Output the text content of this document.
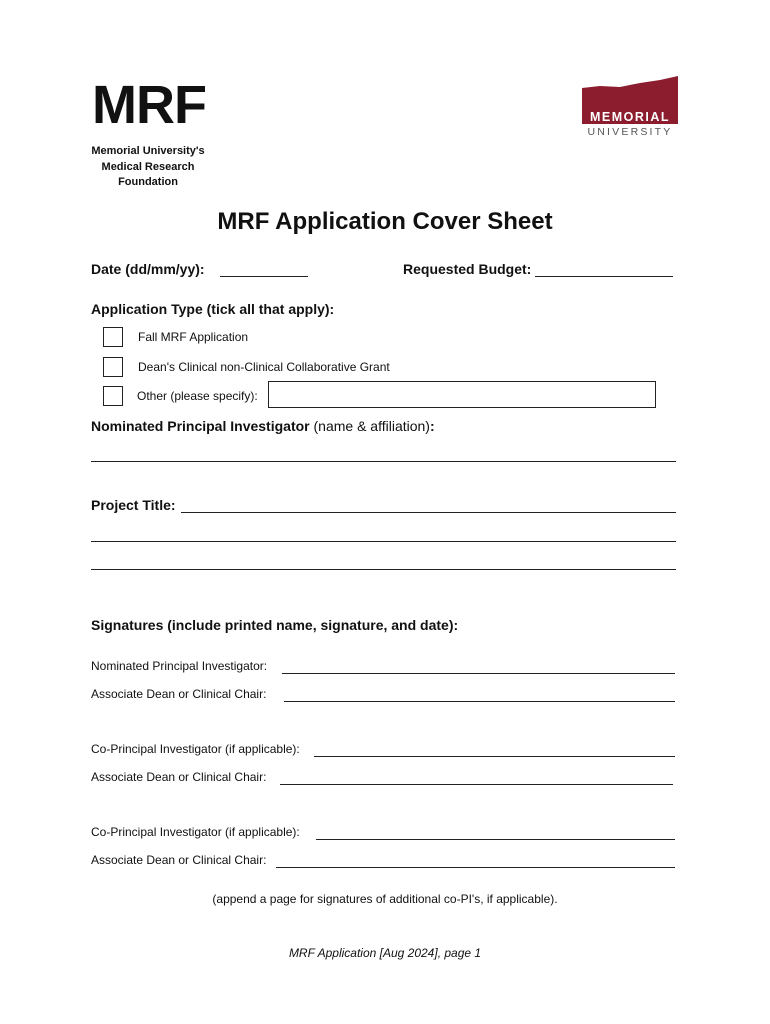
MRF
Memorial University's
Medical Research
Foundation
MEMORIAL
UNIVERSITY
MRF Application Cover Sheet
Date (dd/mm/yy):	Requested Budget:
Application Type (tick all that apply):
Fall MRF Application
Dean's Clinical non-Clinical Collaborative Grant
Other (please specify):
Nominated Principal Investigator (name & affiliation):
Project Title:
Signatures (include printed name, signature, and date):
Nominated Principal Investigator:
Associate Dean or Clinical Chair:
Co-Principal Investigator (if applicable):
Associate Dean or Clinical Chair:
Co-Principal Investigator (if applicable):
Associate Dean or Clinical Chair:
(append a page for signatures of additional co-PI's, if applicable).
MRF Application [Aug 2024], page 1
